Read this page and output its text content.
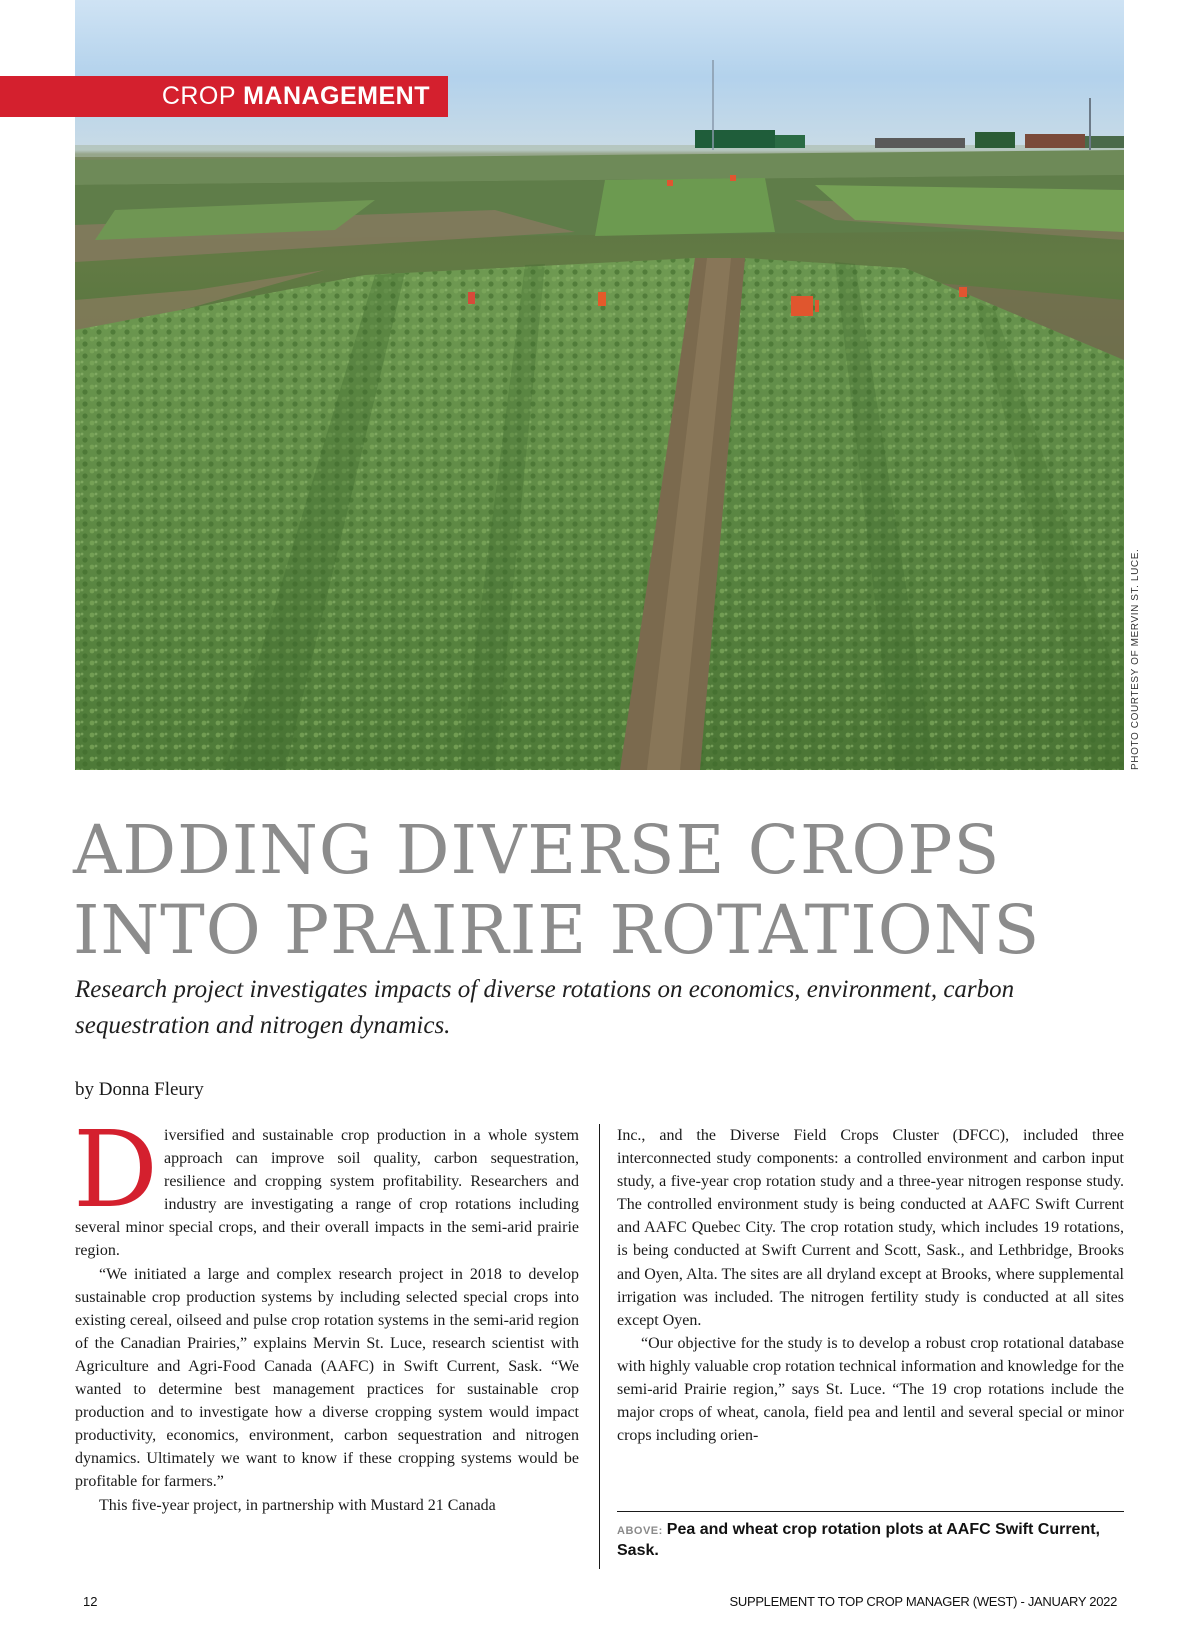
CROP MANAGEMENT
PHOTO COURTESY OF MERVIN ST. LUCE.
ADDING DIVERSE CROPS
INTO PRAIRIE ROTATIONS

Research project investigates impacts of diverse rotations on economics, environment, carbon sequestration and nitrogen dynamics.

by Donna Fleury

Diversified and sustainable crop production in a whole system approach can improve soil quality, carbon sequestration, resilience and cropping system profitability. Researchers and industry are investigating a range of crop rotations including several minor special crops, and their overall impacts in the semi-arid prairie region.

“We initiated a large and complex research project in 2018 to develop sustainable crop production systems by including selected special crops into existing cereal, oilseed and pulse crop rotation systems in the semi-arid region of the Canadian Prairies,” explains Mervin St. Luce, research scientist with Agriculture and Agri-Food Canada (AAFC) in Swift Current, Sask. “We wanted to determine best management practices for sustainable crop production and to investigate how a diverse cropping system would impact productivity, economics, environment, carbon sequestration and nitrogen dynamics. Ultimately we want to know if these cropping systems would be profitable for farmers.”

This five-year project, in partnership with Mustard 21 Canada

Inc., and the Diverse Field Crops Cluster (DFCC), included three interconnected study components: a controlled environment and carbon input study, a five-year crop rotation study and a three-year nitrogen response study. The controlled environment study is being conducted at AAFC Swift Current and AAFC Quebec City. The crop rotation study, which includes 19 rotations, is being conducted at Swift Current and Scott, Sask., and Lethbridge, Brooks and Oyen, Alta. The sites are all dryland except at Brooks, where supplemental irrigation was included. The nitrogen fertility study is conducted at all sites except Oyen.

“Our objective for the study is to develop a robust crop rotational database with highly valuable crop rotation technical information and knowledge for the semi-arid Prairie region,” says St. Luce. “The 19 crop rotations include the major crops of wheat, canola, field pea and lentil and several special or minor crops including orien-

ABOVE: Pea and wheat crop rotation plots at AAFC Swift Current, Sask.
12	SUPPLEMENT TO TOP CROP MANAGER (WEST) - JANUARY 2022
